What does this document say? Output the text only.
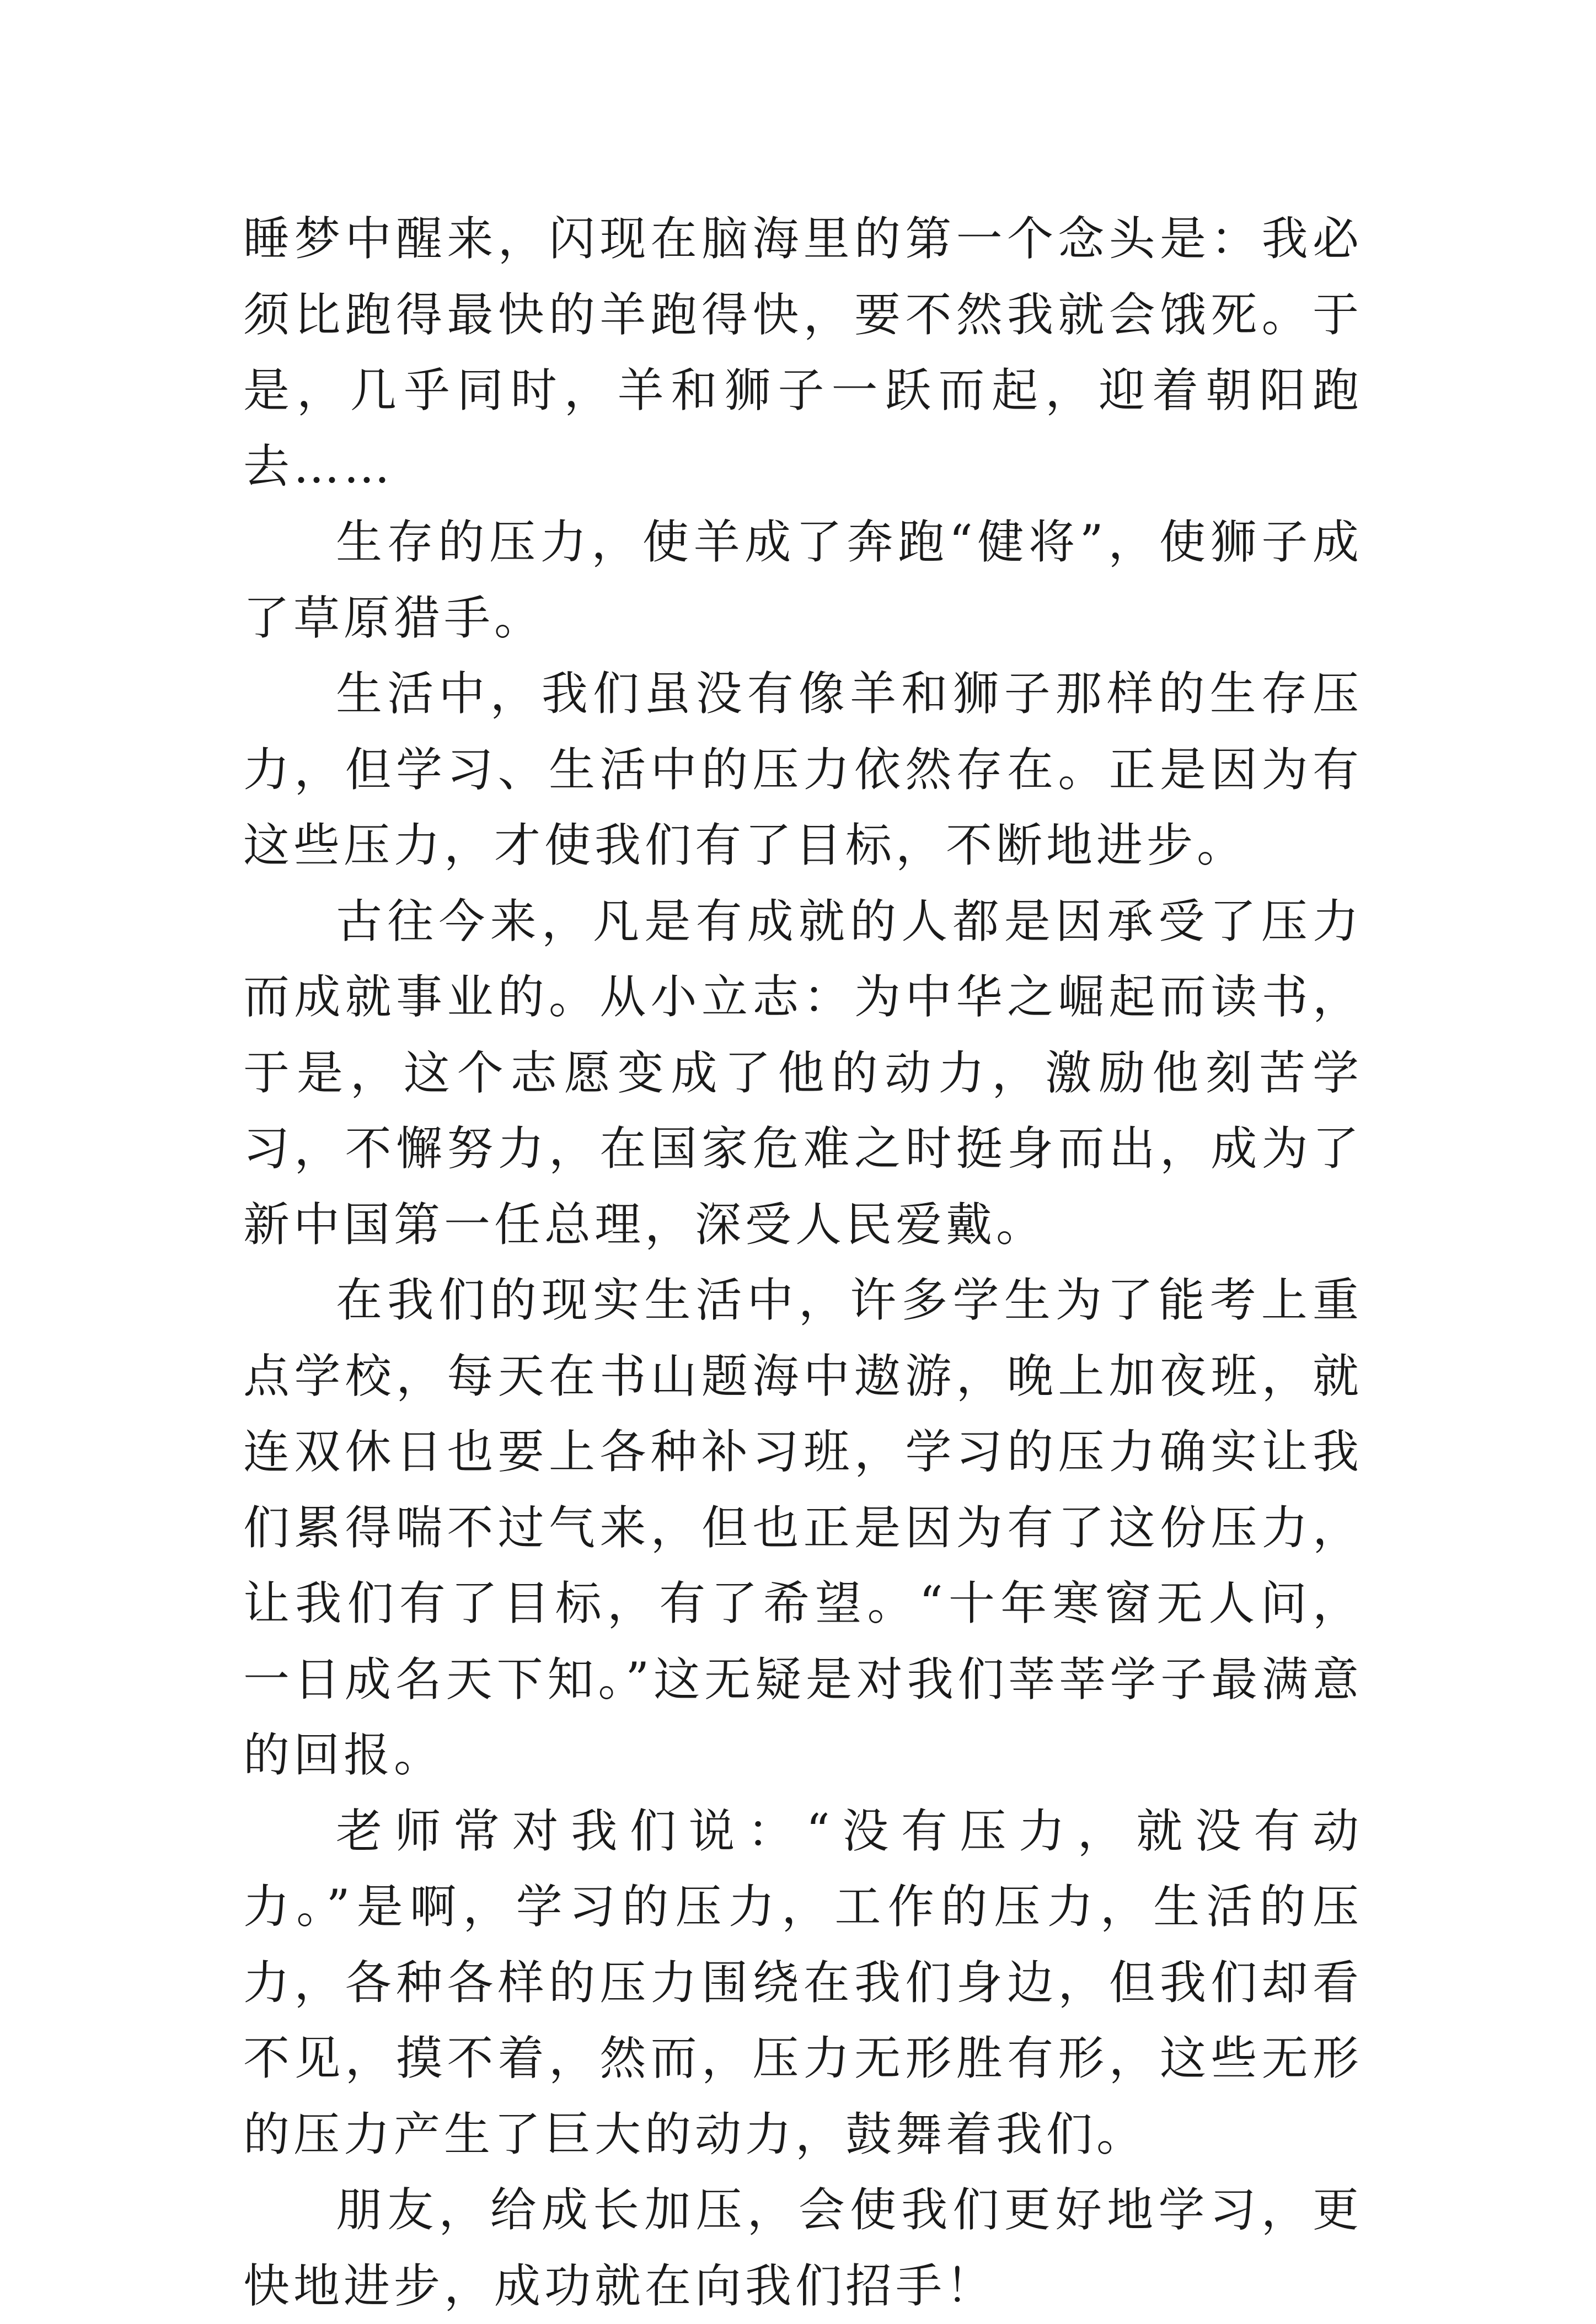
睡梦中醒来，闪现在脑海里的第一个念头是：我必须比跑得最快的羊跑得快，要不然我就会饿死。于是，几乎同时，羊和狮子一跃而起，迎着朝阳跑去……

生存的压力，使羊成了奔跑“健将”，使狮子成了草原猎手。

生活中，我们虽没有像羊和狮子那样的生存压力，但学习、生活中的压力依然存在。正是因为有这些压力，才使我们有了目标，不断地进步。

古往今来，凡是有成就的人都是因承受了压力而成就事业的。从小立志：为中华之崛起而读书，于是，这个志愿变成了他的动力，激励他刻苦学习，不懈努力，在国家危难之时挺身而出，成为了新中国第一任总理，深受人民爱戴。

在我们的现实生活中，许多学生为了能考上重点学校，每天在书山题海中遨游，晚上加夜班，就连双休日也要上各种补习班，学习的压力确实让我们累得喘不过气来，但也正是因为有了这份压力，让我们有了目标，有了希望。“十年寒窗无人问，一日成名天下知。”这无疑是对我们莘莘学子最满意的回报。

老师常对我们说：“没有压力，就没有动力。”是啊，学习的压力，工作的压力，生活的压力，各种各样的压力围绕在我们身边，但我们却看不见，摸不着，然而，压力无形胜有形，这些无形的压力产生了巨大的动力，鼓舞着我们。

朋友，给成长加压，会使我们更好地学习，更快地进步，成功就在向我们招手！
